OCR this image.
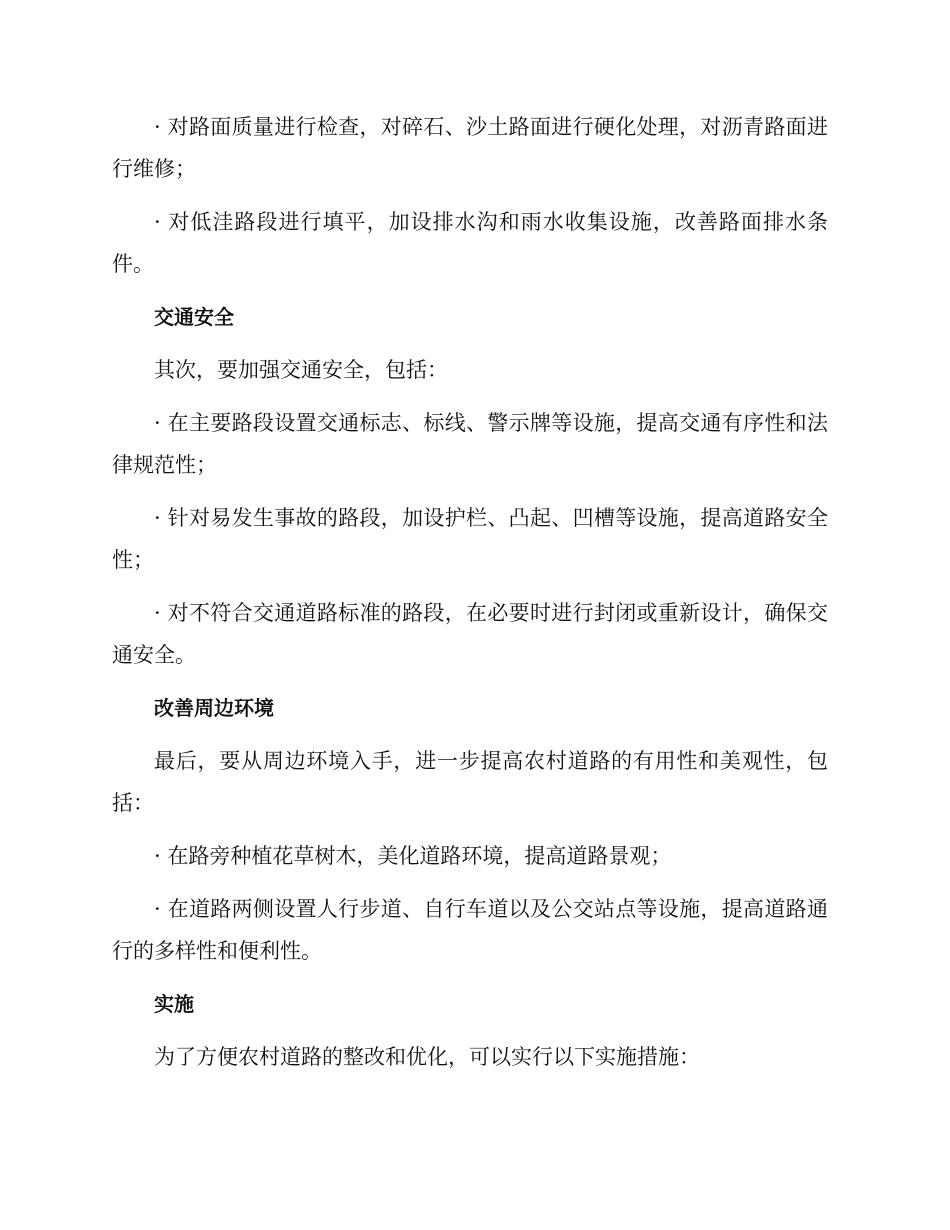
· 对路面质量进行检查，对碎石、沙土路面进行硬化处理，对沥青路面进行维修；

· 对低洼路段进行填平，加设排水沟和雨水收集设施，改善路面排水条件。

交通安全

其次，要加强交通安全，包括：

· 在主要路段设置交通标志、标线、警示牌等设施，提高交通有序性和法律规范性；

· 针对易发生事故的路段，加设护栏、凸起、凹槽等设施，提高道路安全性；

· 对不符合交通道路标准的路段，在必要时进行封闭或重新设计，确保交通安全。

改善周边环境

最后，要从周边环境入手，进一步提高农村道路的有用性和美观性，包括：

· 在路旁种植花草树木，美化道路环境，提高道路景观；

· 在道路两侧设置人行步道、自行车道以及公交站点等设施，提高道路通行的多样性和便利性。

实施

为了方便农村道路的整改和优化，可以实行以下实施措施：
